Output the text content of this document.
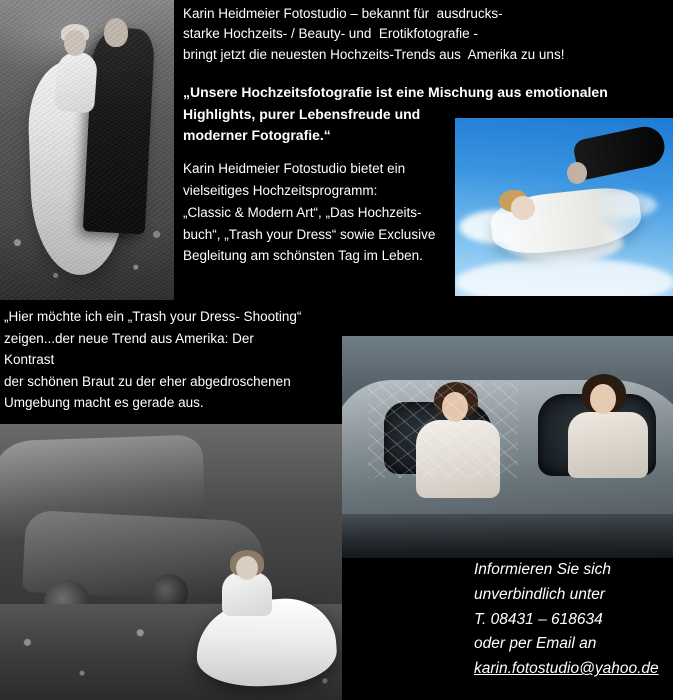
Karin Heidmeier Fotostudio – bekannt für  ausdrucks-
starke Hochzeits- / Beauty- und  Erotikfotografie -
bringt jetzt die neuesten Hochzeits-Trends aus  Amerika zu uns!
„Unsere Hochzeitsfotografie ist eine Mischung aus emotionalen
Highlights, purer Lebensfreude und
moderner Fotografie.“
Karin Heidmeier Fotostudio bietet ein
vielseitiges Hochzeitsprogramm:
„Classic & Modern Art“, „Das Hochzeits-
buch“, „Trash your Dress“ sowie Exclusive
Begleitung am schönsten Tag im Leben.
„Hier möchte ich ein „Trash your Dress- Shooting“
zeigen...der neue Trend aus Amerika: Der
Kontrast
der schönen Braut zu der eher abgedroschenen
Umgebung macht es gerade aus.
Informieren Sie sich
unverbindlich unter
T. 08431 – 618634
oder per Email an
karin.fotostudio@yahoo.de
